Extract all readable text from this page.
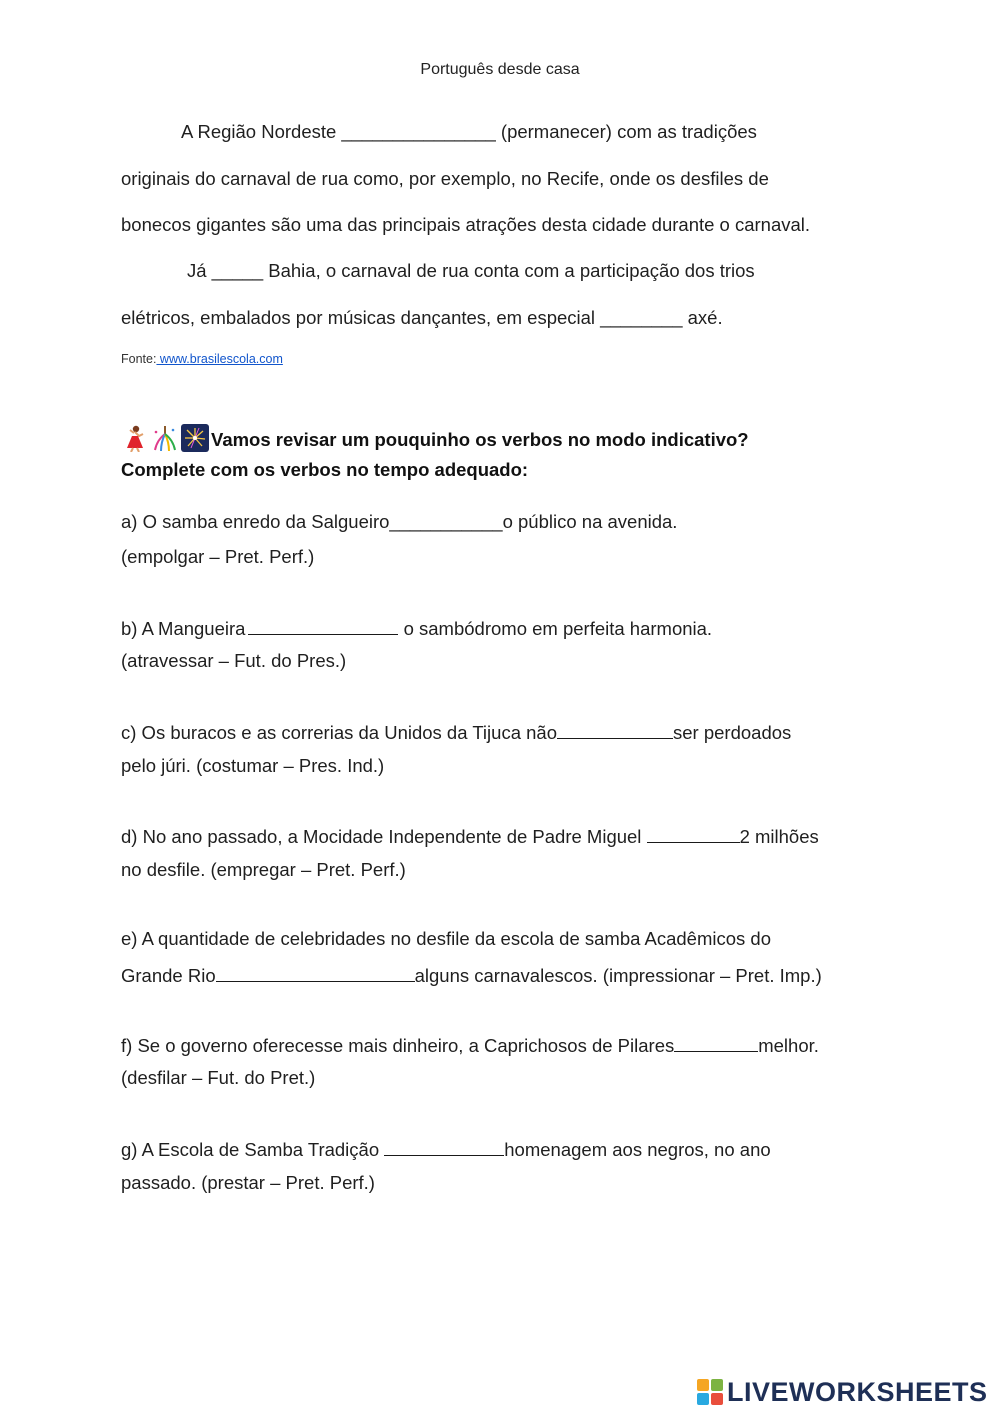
Português desde casa
A Região Nordeste _______________ (permanecer) com as tradições
originais do carnaval de rua como, por exemplo, no Recife, onde os desfiles de
bonecos gigantes são uma das principais atrações desta cidade durante o carnaval.
Já _____ Bahia, o carnaval de rua conta com a participação dos trios
elétricos, embalados por músicas dançantes, em especial ________ axé.
Fonte: www.brasilescola.com
Vamos revisar um pouquinho os verbos no modo indicativo?
Complete com os verbos no tempo adequado:
a) O samba enredo da Salgueiro___________o público na avenida.
(empolgar – Pret. Perf.)
b) A Mangueira	o sambódromo em perfeita harmonia.
(atravessar – Fut. do Pres.)
c) Os buracos e as correrias da Unidos da Tijuca não	ser perdoados
pelo júri. (costumar – Pres. Ind.)
d) No ano passado, a Mocidade Independente de Padre Miguel	2 milhões
no desfile. (empregar – Pret. Perf.)
e) A quantidade de celebridades no desfile da escola de samba Acadêmicos do
Grande Rio	alguns carnavalescos. (impressionar – Pret. Imp.)
f) Se o governo oferecesse mais dinheiro, a Caprichosos de Pilares	melhor.
(desfilar – Fut. do Pret.)
g) A Escola de Samba Tradição	homenagem aos negros, no ano
passado. (prestar – Pret. Perf.)
LIVEWORKSHEETS
